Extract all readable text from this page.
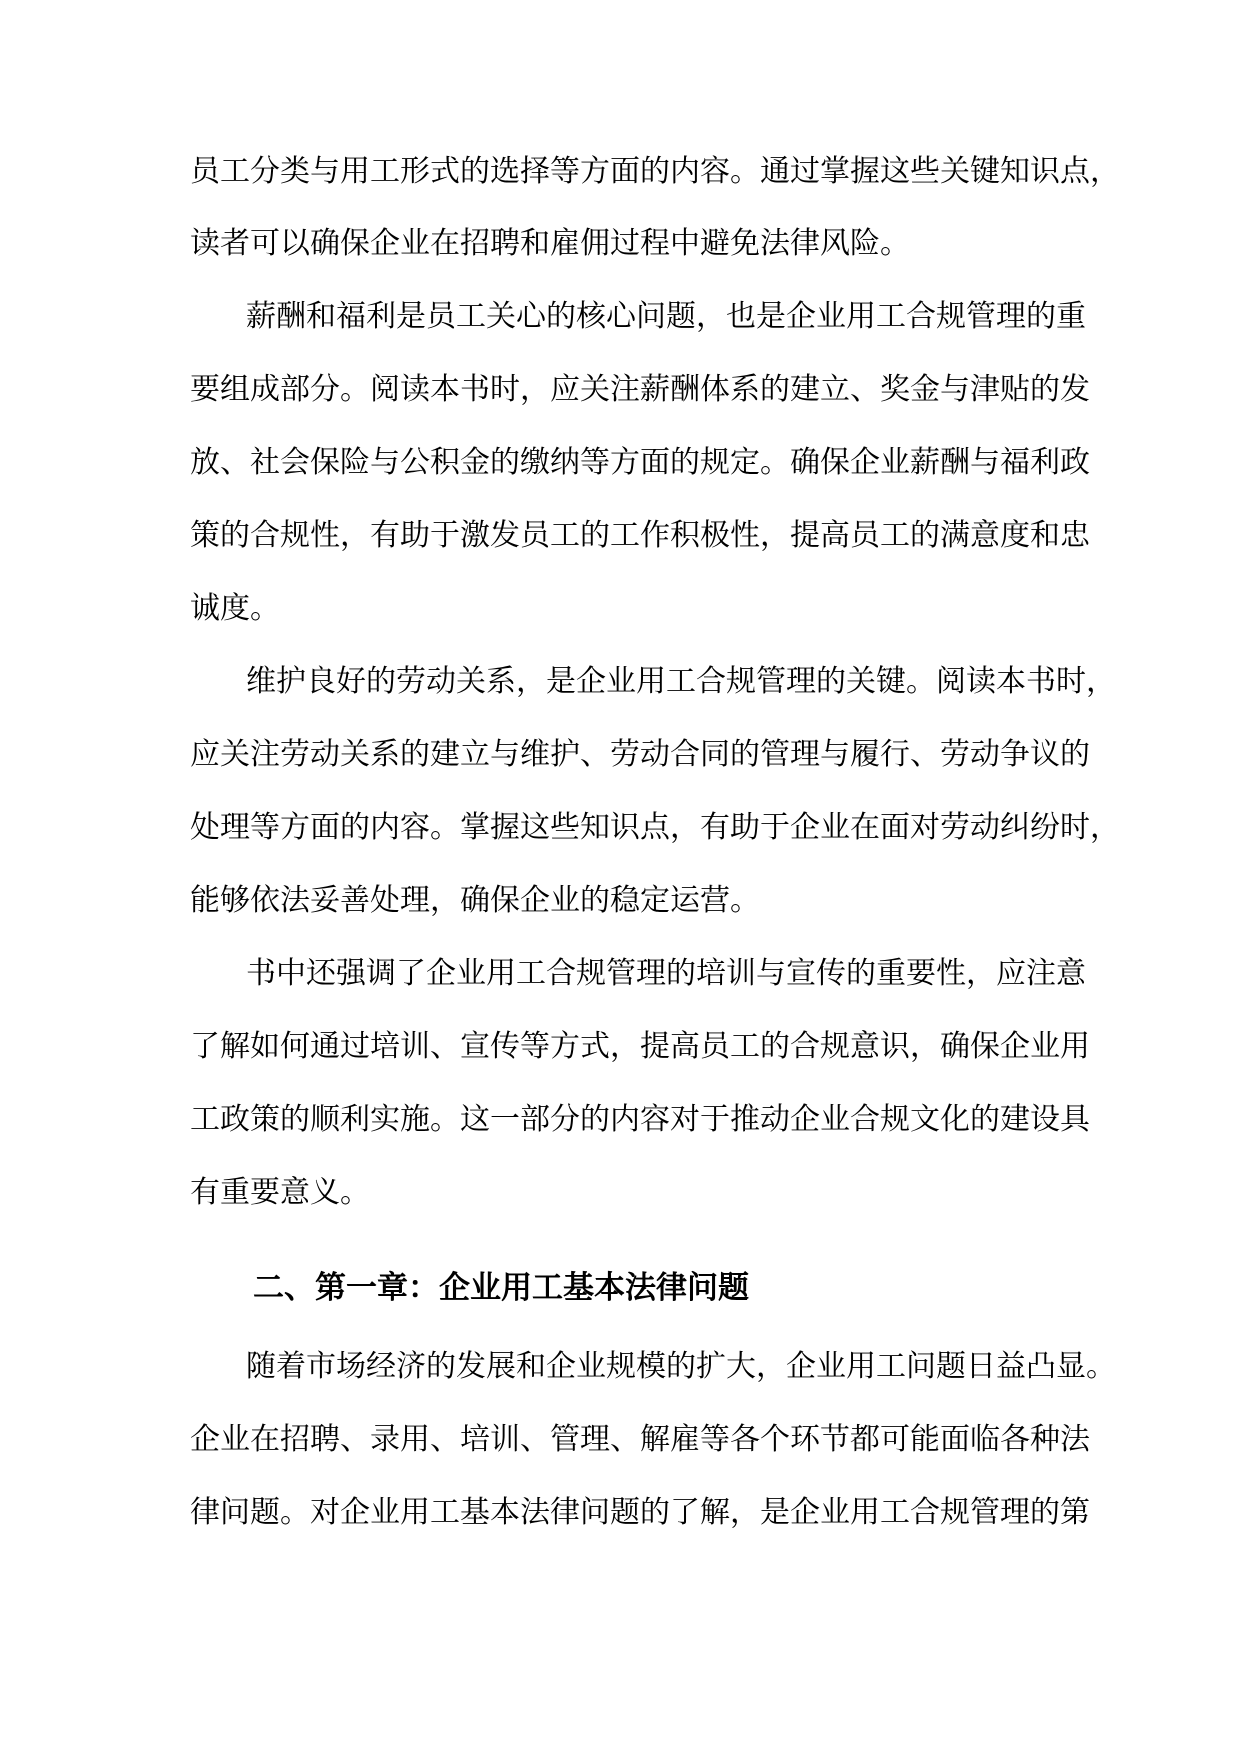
员工分类与用工形式的选择等方面的内容。通过掌握这些关键知识点，

读者可以确保企业在招聘和雇佣过程中避免法律风险。

薪酬和福利是员工关心的核心问题，也是企业用工合规管理的重

要组成部分。阅读本书时，应关注薪酬体系的建立、奖金与津贴的发

放、社会保险与公积金的缴纳等方面的规定。确保企业薪酬与福利政

策的合规性，有助于激发员工的工作积极性，提高员工的满意度和忠

诚度。

维护良好的劳动关系，是企业用工合规管理的关键。阅读本书时，

应关注劳动关系的建立与维护、劳动合同的管理与履行、劳动争议的

处理等方面的内容。掌握这些知识点，有助于企业在面对劳动纠纷时，

能够依法妥善处理，确保企业的稳定运营。

书中还强调了企业用工合规管理的培训与宣传的重要性，应注意

了解如何通过培训、宣传等方式，提高员工的合规意识，确保企业用

工政策的顺利实施。这一部分的内容对于推动企业合规文化的建设具

有重要意义。

二、第一章：企业用工基本法律问题

随着市场经济的发展和企业规模的扩大，企业用工问题日益凸显。

企业在招聘、录用、培训、管理、解雇等各个环节都可能面临各种法

律问题。对企业用工基本法律问题的了解，是企业用工合规管理的第
